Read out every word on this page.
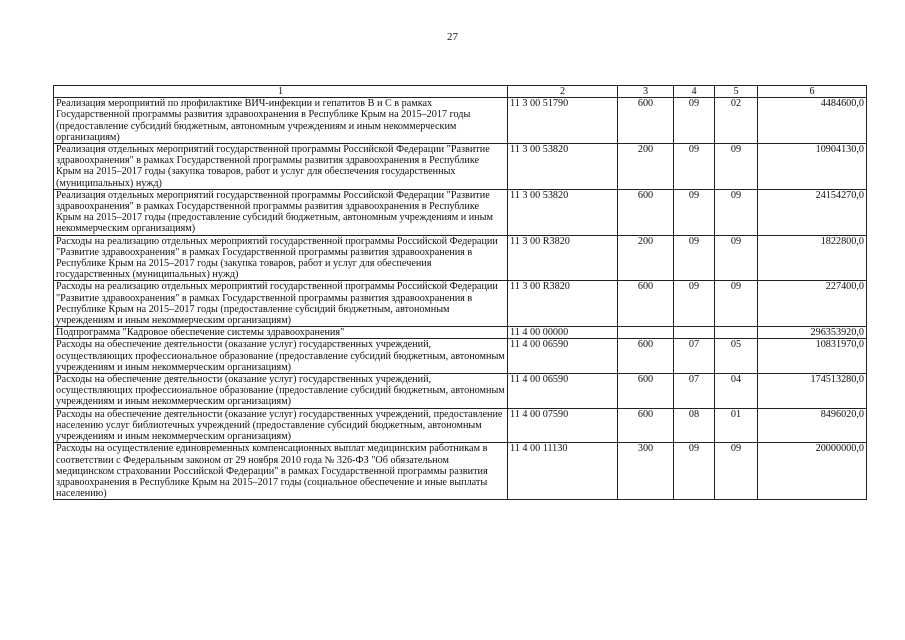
27
1	2	3	4	5	6
Реализация мероприятий по профилактике ВИЧ-инфекции и гепатитов В и С в рамках Государственной программы развития здравоохранения в Республике Крым на 2015–2017 годы (предоставление субсидий бюджетным, автономным учреждениям и иным некоммерческим организациям)	11 3 00 51790	600	09	02	4484600,0
Реализация отдельных мероприятий государственной программы Российской Федерации "Развитие здравоохранения" в рамках Государственной программы развития здравоохранения в Республике Крым на 2015–2017 годы (закупка товаров, работ и услуг для обеспечения государственных (муниципальных) нужд)	11 3 00 53820	200	09	09	10904130,0
Реализация отдельных мероприятий государственной программы Российской Федерации "Развитие здравоохранения" в рамках Государственной программы развития здравоохранения в Республике Крым на 2015–2017 годы (предоставление субсидий бюджетным, автономным учреждениям и иным некоммерческим организациям)	11 3 00 53820	600	09	09	24154270,0
Расходы на реализацию отдельных мероприятий государственной программы Российской Федерации "Развитие здравоохранения" в рамках Государственной программы развития здравоохранения в Республике Крым на 2015–2017 годы (закупка товаров, работ и услуг для обеспечения государственных (муниципальных) нужд)	11 3 00 R3820	200	09	09	1822800,0
Расходы на реализацию отдельных мероприятий государственной программы Российской Федерации "Развитие здравоохранения" в рамках Государственной программы развития здравоохранения в Республике Крым на 2015–2017 годы (предоставление субсидий бюджетным, автономным учреждениям и иным некоммерческим организациям)	11 3 00 R3820	600	09	09	227400,0
Подпрограмма "Кадровое обеспечение системы здравоохранения"	11 4 00 00000				296353920,0
Расходы на обеспечение деятельности (оказание услуг) государственных учреждений, осуществляющих профессиональное образование (предоставление субсидий бюджетным, автономным учреждениям и иным некоммерческим организациям)	11 4 00 06590	600	07	05	10831970,0
Расходы на обеспечение деятельности (оказание услуг) государственных учреждений, осуществляющих профессиональное образование (предоставление субсидий бюджетным, автономным учреждениям и иным некоммерческим организациям)	11 4 00 06590	600	07	04	174513280,0
Расходы на обеспечение деятельности (оказание услуг) государственных учреждений, предоставление населению услуг библиотечных учреждений (предоставление субсидий бюджетным, автономным учреждениям и иным некоммерческим организациям)	11 4 00 07590	600	08	01	8496020,0
Расходы на осуществление единовременных компенсационных выплат медицинским работникам в соответствии с Федеральным законом от 29 ноября 2010 года № 326-ФЗ "Об обязательном медицинском страховании Российской Федерации" в рамках Государственной программы развития здравоохранения в Республике Крым на 2015–2017 годы (социальное обеспечение и иные выплаты населению)	11 4 00 11130	300	09	09	20000000,0
